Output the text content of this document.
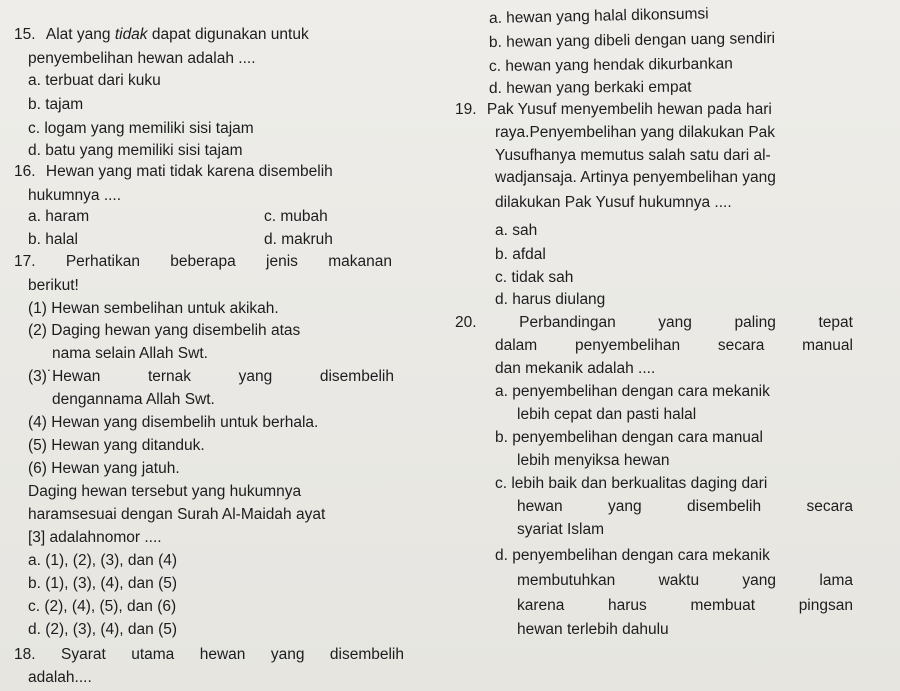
15. Alat yang tidak dapat digunakan untuk
penyembelihan hewan adalah ....
a. terbuat dari kuku
b. tajam
c. logam yang memiliki sisi tajam
d. batu yang memiliki sisi tajam
16. Hewan yang mati tidak karena disembelih
hukumnya ....
a. haram	c. mubah
b. halal	d. makruh
17. Perhatikan beberapa jenis makanan
berikut!
(1) Hewan sembelihan untuk akikah.
(2) Daging hewan yang disembelih atas
nama selain Allah Swt.
(3)˙Hewan	ternak	yang	disembelih
dengannama Allah Swt.
(4) Hewan yang disembelih untuk berhala.
(5) Hewan yang ditanduk.
(6) Hewan yang jatuh.
Daging hewan tersebut yang hukumnya
haramsesuai dengan Surah Al-Maidah ayat
[3] adalahnomor ....
a. (1), (2), (3), dan (4)
b. (1), (3), (4), dan (5)
c. (2), (4), (5), dan (6)
d. (2), (3), (4), dan (5)
18. Syarat utama hewan yang disembelih
adalah....
a. hewan yang halal dikonsumsi
b. hewan yang dibeli dengan uang sendiri
c. hewan yang hendak dikurbankan
d. hewan yang berkaki empat
19. Pak Yusuf menyembelih hewan pada hari
raya.Penyembelihan yang dilakukan Pak
Yusufhanya memutus salah satu dari al-
wadjansaja. Artinya penyembelihan yang
dilakukan Pak Yusuf hukumnya ....
a. sah
b. afdal
c. tidak sah
d. harus diulang
20.	Perbandingan	yang	paling	tepat
dalam penyembelihan secara manual
dan mekanik adalah ....
a. penyembelihan dengan cara mekanik
lebih cepat dan pasti halal
b. penyembelihan dengan cara manual
lebih menyiksa hewan
c. lebih baik dan berkualitas daging dari
hewan	yang	disembelih	secara
syariat Islam
d. penyembelihan dengan cara mekanik
membutuhkan	waktu	yang	lama
karena	harus	membuat	pingsan
hewan terlebih dahulu
